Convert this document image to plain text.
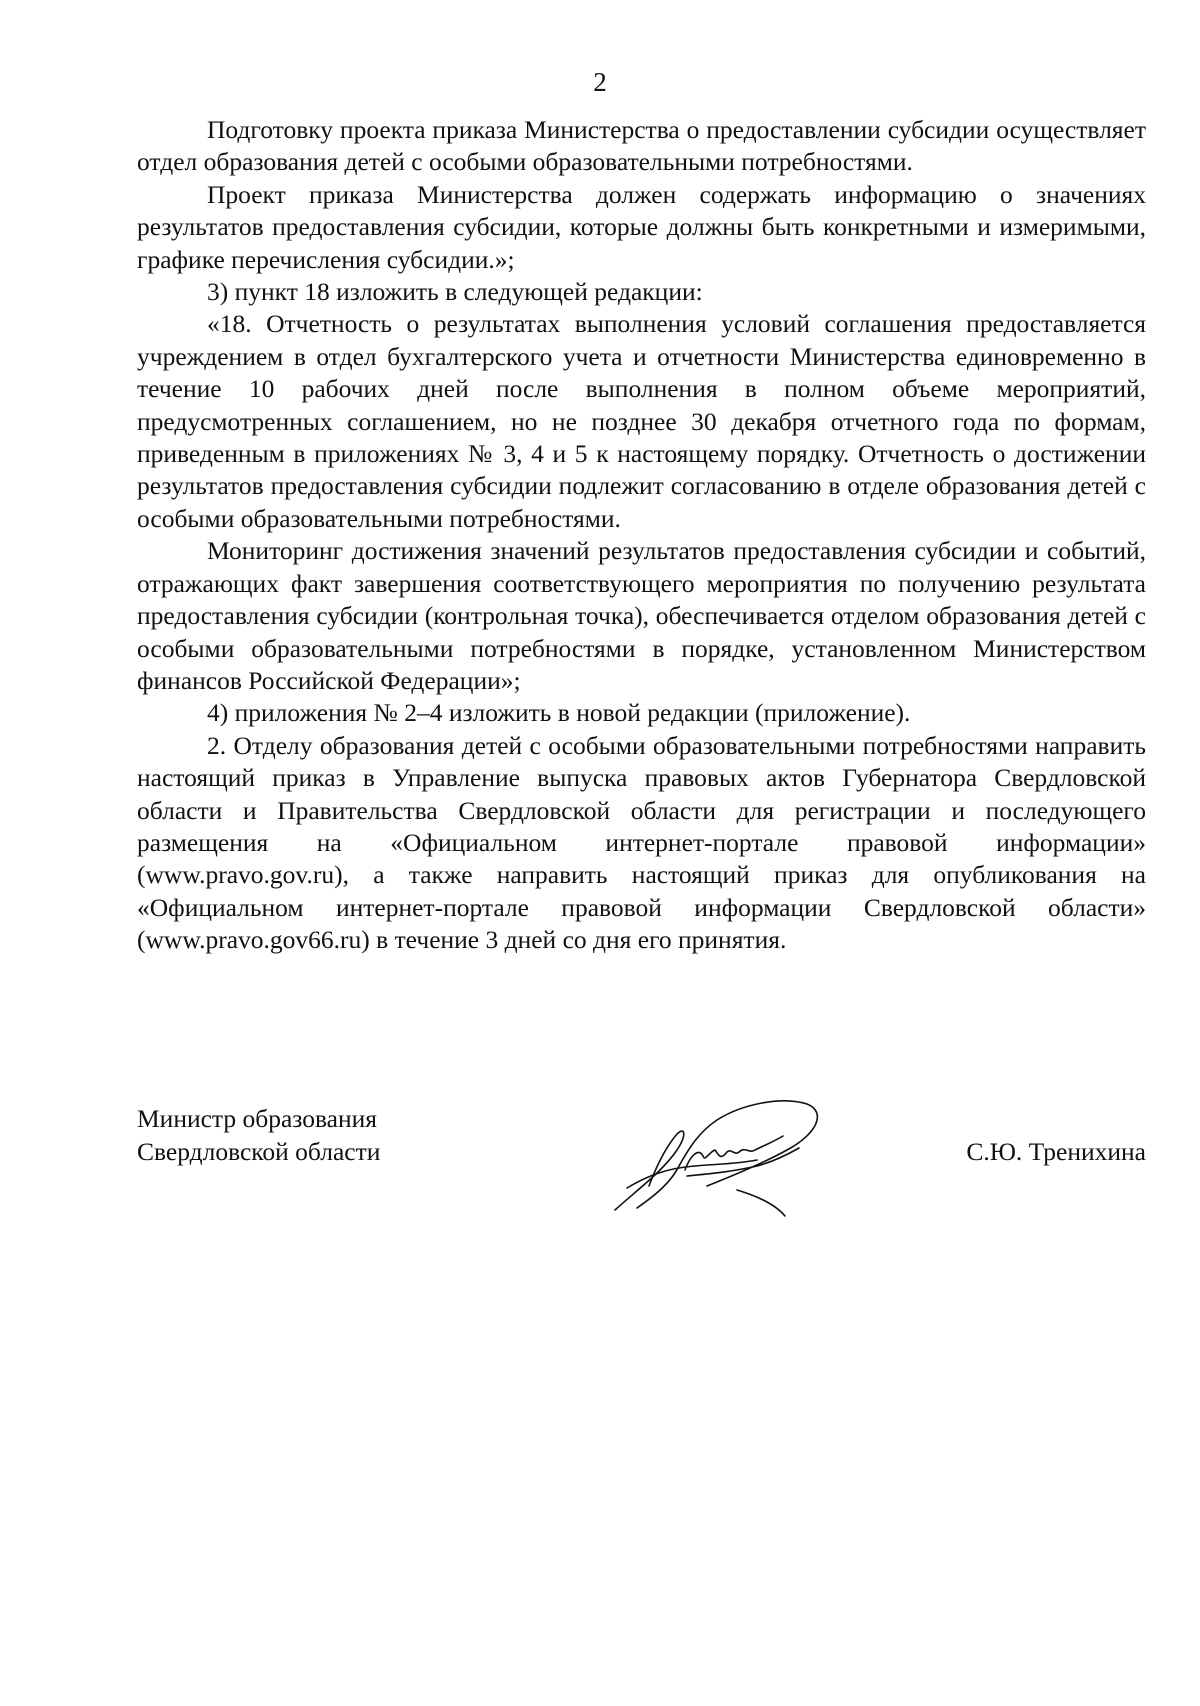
2

Подготовку проекта приказа Министерства о предоставлении субсидии осуществляет отдел образования детей с особыми образовательными потребностями.

Проект приказа Министерства должен содержать информацию о значениях результатов предоставления субсидии, которые должны быть конкретными и измеримыми, графике перечисления субсидии.»;

3) пункт 18 изложить в следующей редакции:

«18. Отчетность о результатах выполнения условий соглашения предоставляется учреждением в отдел бухгалтерского учета и отчетности Министерства единовременно в течение 10 рабочих дней после выполнения в полном объеме мероприятий, предусмотренных соглашением, но не позднее 30 декабря отчетного года по формам, приведенным в приложениях № 3, 4 и 5 к настоящему порядку. Отчетность о достижении результатов предоставления субсидии подлежит согласованию в отделе образования детей с особыми образовательными потребностями.

Мониторинг достижения значений результатов предоставления субсидии и событий, отражающих факт завершения соответствующего мероприятия по получению результата предоставления субсидии (контрольная точка), обеспечивается отделом образования детей с особыми образовательными потребностями в порядке, установленном Министерством финансов Российской Федерации»;

4) приложения № 2–4 изложить в новой редакции (приложение).

2. Отделу образования детей с особыми образовательными потребностями направить настоящий приказ в Управление выпуска правовых актов Губернатора Свердловской области и Правительства Свердловской области для регистрации и последующего размещения на «Официальном интернет-портале правовой информации» (www.pravo.gov.ru), а также направить настоящий приказ для опубликования на «Официальном интернет-портале правовой информации Свердловской области» (www.pravo.gov66.ru) в течение 3 дней со дня его принятия.

Министр образования
Свердловской области	С.Ю. Тренихина
